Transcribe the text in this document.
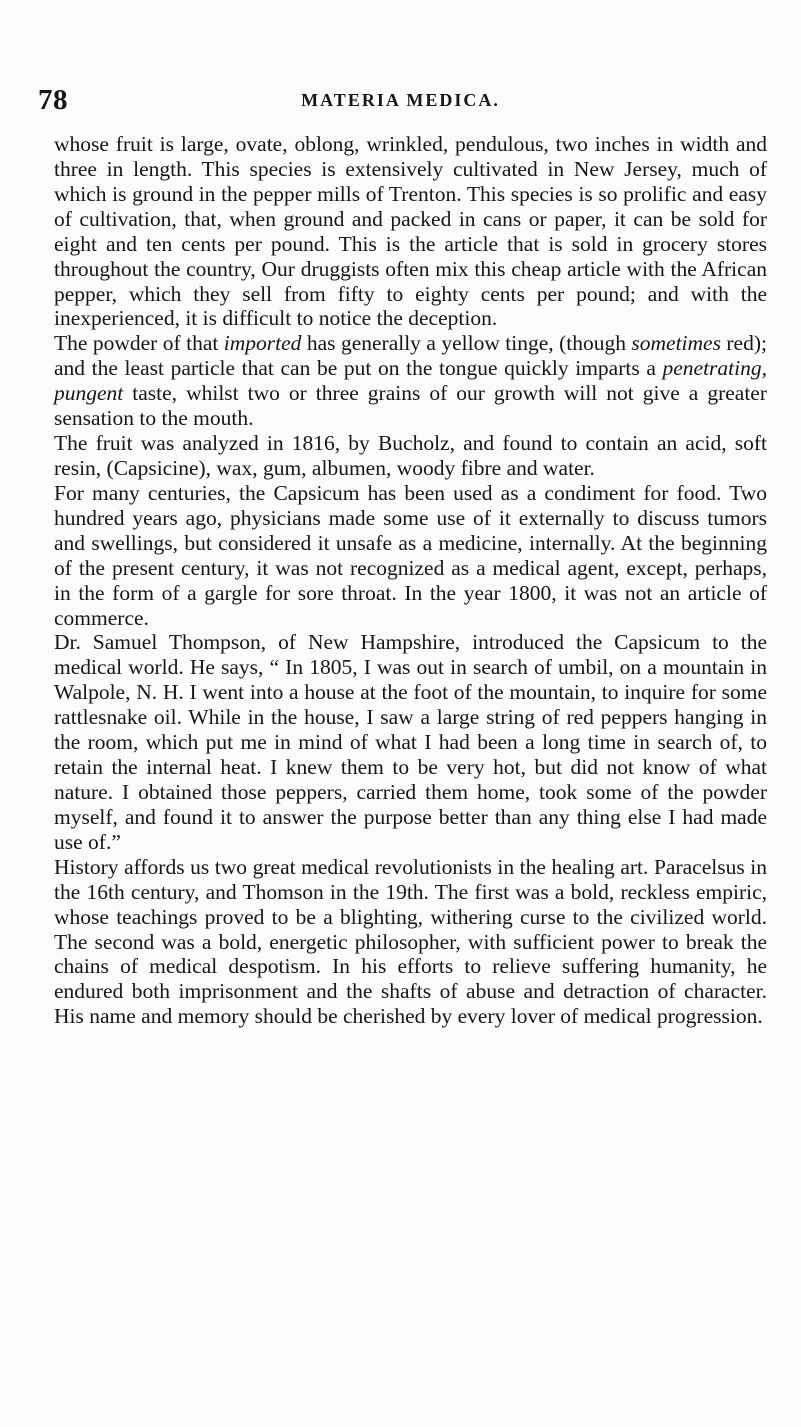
78	MATERIA MEDICA.

whose fruit is large, ovate, oblong, wrinkled, pendulous, two inches in width and three in length. This species is extensively cultivated in New Jersey, much of which is ground in the pepper mills of Trenton. This species is so prolific and easy of cultivation, that, when ground and packed in cans or paper, it can be sold for eight and ten cents per pound. This is the article that is sold in grocery stores throughout the country, Our druggists often mix this cheap article with the African pepper, which they sell from fifty to eighty cents per pound; and with the inexperienced, it is difficult to notice the deception.

The powder of that imported has generally a yellow tinge, (though sometimes red); and the least particle that can be put on the tongue quickly imparts a penetrating, pungent taste, whilst two or three grains of our growth will not give a greater sensation to the mouth.

The fruit was analyzed in 1816, by Bucholz, and found to contain an acid, soft resin, (Capsicine), wax, gum, albumen, woody fibre and water.

For many centuries, the Capsicum has been used as a condiment for food. Two hundred years ago, physicians made some use of it externally to discuss tumors and swellings, but considered it unsafe as a medicine, internally. At the beginning of the present century, it was not recognized as a medical agent, except, perhaps, in the form of a gargle for sore throat. In the year 1800, it was not an article of commerce.

Dr. Samuel Thompson, of New Hampshire, introduced the Capsicum to the medical world. He says, “ In 1805, I was out in search of umbil, on a mountain in Walpole, N. H. I went into a house at the foot of the mountain, to inquire for some rattlesnake oil. While in the house, I saw a large string of red peppers hanging in the room, which put me in mind of what I had been a long time in search of, to retain the internal heat. I knew them to be very hot, but did not know of what nature. I obtained those peppers, carried them home, took some of the powder myself, and found it to answer the purpose better than any thing else I had made use of.”

History affords us two great medical revolutionists in the healing art. Paracelsus in the 16th century, and Thomson in the 19th. The first was a bold, reckless empiric, whose teachings proved to be a blighting, withering curse to the civilized world. The second was a bold, energetic philosopher, with sufficient power to break the chains of medical despotism. In his efforts to relieve suffering humanity, he endured both imprisonment and the shafts of abuse and detraction of character. His name and memory should be cherished by every lover of medical progression.
